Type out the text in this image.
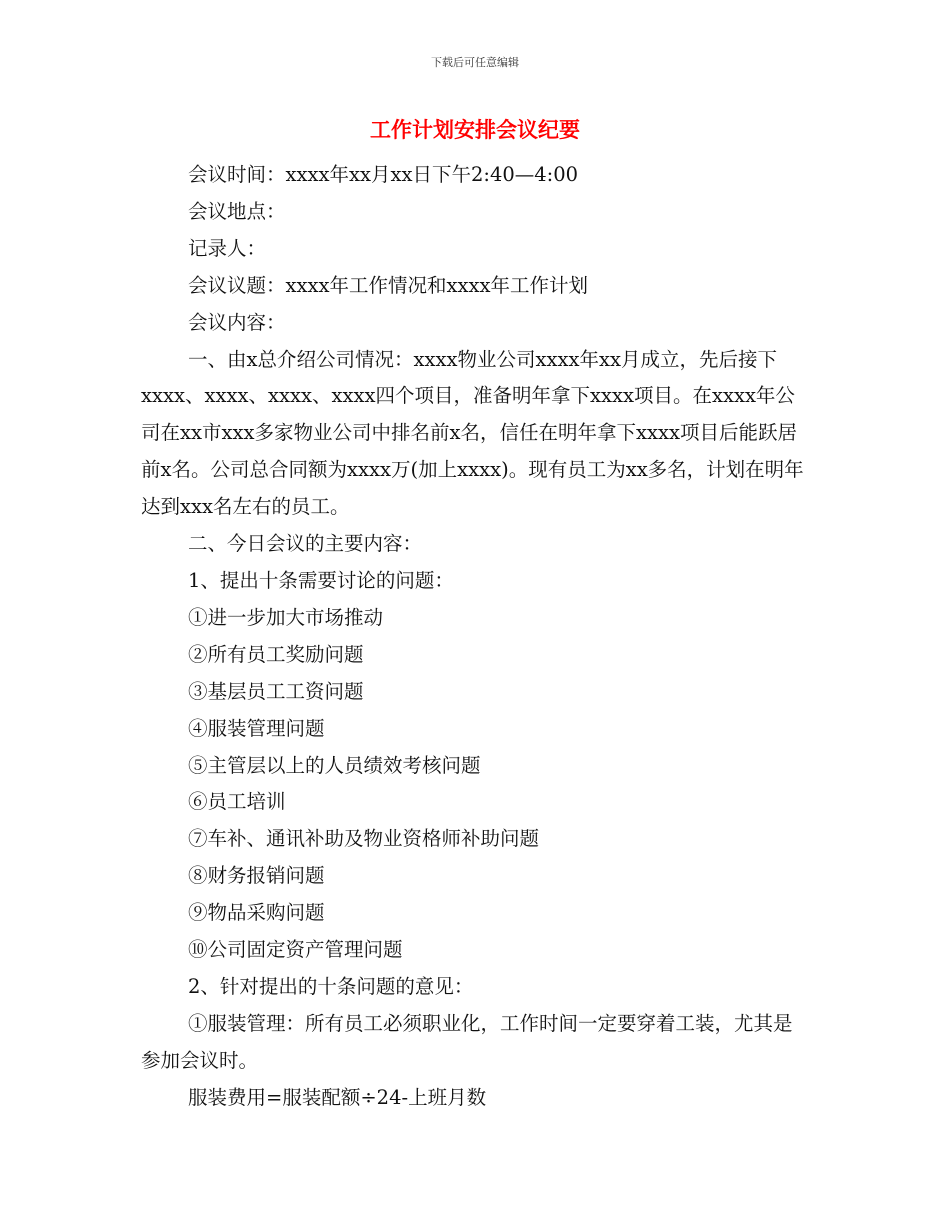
下载后可任意编辑
工作计划安排会议纪要

会议时间：xxxx年xx月xx日下午2:40—4:00

会议地点：

记录人：

会议议题：xxxx年工作情况和xxxx年工作计划

会议内容：

一、由x总介绍公司情况：xxxx物业公司xxxx年xx月成立，先后接下xxxx、xxxx、xxxx、xxxx四个项目，准备明年拿下xxxx项目。在xxxx年公司在xx市xxx多家物业公司中排名前x名，信任在明年拿下xxxx项目后能跃居前x名。公司总合同额为xxxx万(加上xxxx)。现有员工为xx多名，计划在明年达到xxx名左右的员工。

二、今日会议的主要内容：

1、提出十条需要讨论的问题：

①进一步加大市场推动

②所有员工奖励问题

③基层员工工资问题

④服装管理问题

⑤主管层以上的人员绩效考核问题

⑥员工培训

⑦车补、通讯补助及物业资格师补助问题

⑧财务报销问题

⑨物品采购问题

⑩公司固定资产管理问题

2、针对提出的十条问题的意见：

①服装管理：所有员工必须职业化，工作时间一定要穿着工装，尤其是参加会议时。

服装费用=服装配额÷24-上班月数
